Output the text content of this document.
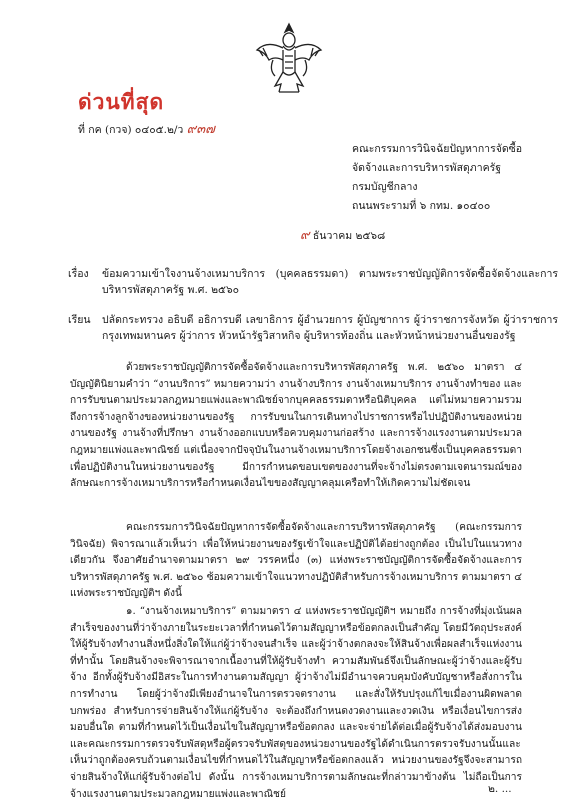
ด่วนที่สุด
ที่ กค (กวจ) ๐๔๐๕.๒/ว ๙๓๗
คณะกรรมการวินิจฉัยปัญหาการจัดซื้อ
จัดจ้างและการบริหารพัสดุภาครัฐ
กรมบัญชีกลาง
ถนนพระรามที่ ๖ กทม. ๑๐๔๐๐
๙ ธันวาคม ๒๕๖๘
เรื่อง	ข้อมความเข้าใจงานจ้างเหมาบริการ (บุคคลธรรมดา) ตามพระราชบัญญัติการจัดซื้อจัดจ้างและการบริหารพัสดุภาครัฐ พ.ศ. ๒๕๖๐
เรียน	ปลัดกระทรวง อธิบดี อธิการบดี เลขาธิการ ผู้อำนวยการ ผู้บัญชาการ ผู้ว่าราชการจังหวัด ผู้ว่าราชการกรุงเทพมหานคร ผู้ว่าการ หัวหน้ารัฐวิสาหกิจ ผู้บริหารท้องถิ่น และหัวหน้าหน่วยงานอื่นของรัฐ
ด้วยพระราชบัญญัติการจัดซื้อจัดจ้างและการบริหารพัสดุภาครัฐ พ.ศ. ๒๕๖๐ มาตรา ๔ บัญญัตินิยามคำว่า “งานบริการ” หมายความว่า งานจ้างบริการ งานจ้างเหมาบริการ งานจ้างทำของ และการรับขนตามประมวลกฎหมายแพ่งและพาณิชย์จากบุคคลธรรมดาหรือนิติบุคคล แต่ไม่หมายความรวมถึงการจ้างลูกจ้างของหน่วยงานของรัฐ การรับขนในการเดินทางไปราชการหรือไปปฏิบัติงานของหน่วยงานของรัฐ งานจ้างที่ปรึกษา งานจ้างออกแบบหรือควบคุมงานก่อสร้าง และการจ้างแรงงานตามประมวลกฎหมายแพ่งและพาณิชย์ แต่เนื่องจากปัจจุบันในงานจ้างเหมาบริการโดยจ้างเอกชนซึ่งเป็นบุคคลธรรมดาเพื่อปฏิบัติงานในหน่วยงานของรัฐ มีการกำหนดขอบเขตของงานที่จะจ้างไม่ตรงตามเจตนารมณ์ของลักษณะการจ้างเหมาบริการหรือกำหนดเงื่อนไขของสัญญาคลุมเครือทำให้เกิดความไม่ชัดเจน
คณะกรรมการวินิจฉัยปัญหาการจัดซื้อจัดจ้างและการบริหารพัสดุภาครัฐ (คณะกรรมการวินิจฉัย) พิจารณาแล้วเห็นว่า เพื่อให้หน่วยงานของรัฐเข้าใจและปฏิบัติได้อย่างถูกต้อง เป็นไปในแนวทางเดียวกัน จึงอาศัยอำนาจตามมาตรา ๒๙ วรรคหนึ่ง (๓) แห่งพระราชบัญญัติการจัดซื้อจัดจ้างและการบริหารพัสดุภาครัฐ พ.ศ. ๒๕๖๐ ซ้อมความเข้าใจแนวทางปฏิบัติสำหรับการจ้างเหมาบริการ ตามมาตรา ๔ แห่งพระราชบัญญัติฯ ดังนี้
๑. “งานจ้างเหมาบริการ” ตามมาตรา ๔ แห่งพระราชบัญญัติฯ หมายถึง การจ้างที่มุ่งเน้นผลสำเร็จของงานที่ว่าจ้างภายในระยะเวลาที่กำหนดไว้ตามสัญญาหรือข้อตกลงเป็นสำคัญ โดยมีวัตถุประสงค์ให้ผู้รับจ้างทำงานสิ่งหนึ่งสิ่งใดให้แก่ผู้ว่าจ้างจนสำเร็จ และผู้ว่าจ้างตกลงจะให้สินจ้างเพื่อผลสำเร็จแห่งงานที่ทำนั้น โดยสินจ้างจะพิจารณาจากเนื้องานที่ให้ผู้รับจ้างทำ ความสัมพันธ์จึงเป็นลักษณะผู้ว่าจ้างและผู้รับจ้าง อีกทั้งผู้รับจ้างมีอิสระในการทำงานตามสัญญา ผู้ว่าจ้างไม่มีอำนาจควบคุมบังคับบัญชาหรือสั่งการในการทำงาน โดยผู้ว่าจ้างมีเพียงอำนาจในการตรวจตรางาน และสั่งให้รับปรุงแก้ไขเมื่องานผิดพลาดบกพร่อง สำหรับการจ่ายสินจ้างให้แก่ผู้รับจ้าง จะต้องถึงกำหนดงวดงานและงวดเงิน หรือเงื่อนไขการส่งมอบอื่นใด ตามที่กำหนดไว้เป็นเงื่อนไขในสัญญาหรือข้อตกลง และจะจ่ายได้ต่อเมื่อผู้รับจ้างได้ส่งมอบงาน และคณะกรรมการตรวจรับพัสดุหรือผู้ตรวจรับพัสดุของหน่วยงานของรัฐได้ดำเนินการตรวจรับงานนั้นและเห็นว่าถูกต้องครบถ้วนตามเงื่อนไขที่กำหนดไว้ในสัญญาหรือข้อตกลงแล้ว หน่วยงานของรัฐจึงจะสามารถจ่ายสินจ้างให้แก่ผู้รับจ้างต่อไป ดังนั้น การจ้างเหมาบริการตามลักษณะที่กล่าวมาข้างต้น ไม่ถือเป็นการจ้างแรงงานตามประมวลกฎหมายแพ่งและพาณิชย์	๒. ...
